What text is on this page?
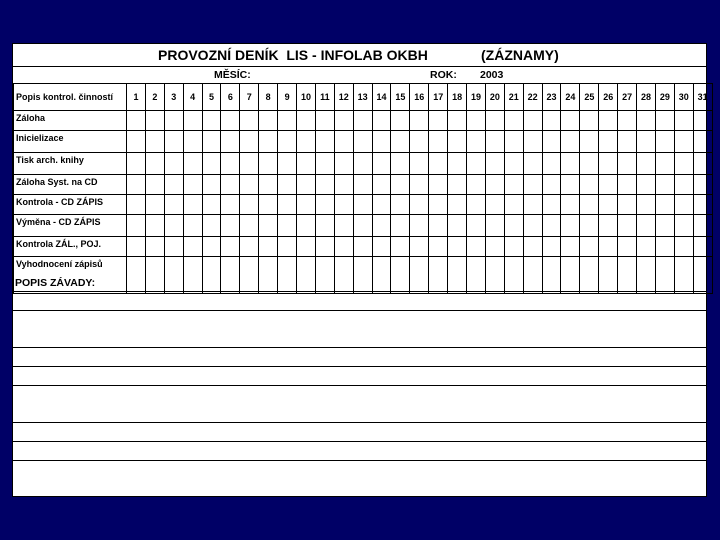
PROVOZNÍ DENÍK  LIS - INFOLAB OKBH	(ZÁZNAMY)
MĚSÍC:	ROK: 2003
Popis kontrol. činností	1	2	3	4	5	6	7	8	9	10	11	12	13	14	15	16	17	18	19	20	21	22	23	24	25	26	27	28	29	30	31
Záloha																															
Inicielizace																															
Tisk arch. knihy																															
Záloha Syst. na CD																															
Kontrola - CD ZÁPIS																															
Výměna - CD ZÁPIS																															
Kontrola ZÁL., POJ.																															
Vyhodnocení zápisů																															
POPIS ZÁVADY:
